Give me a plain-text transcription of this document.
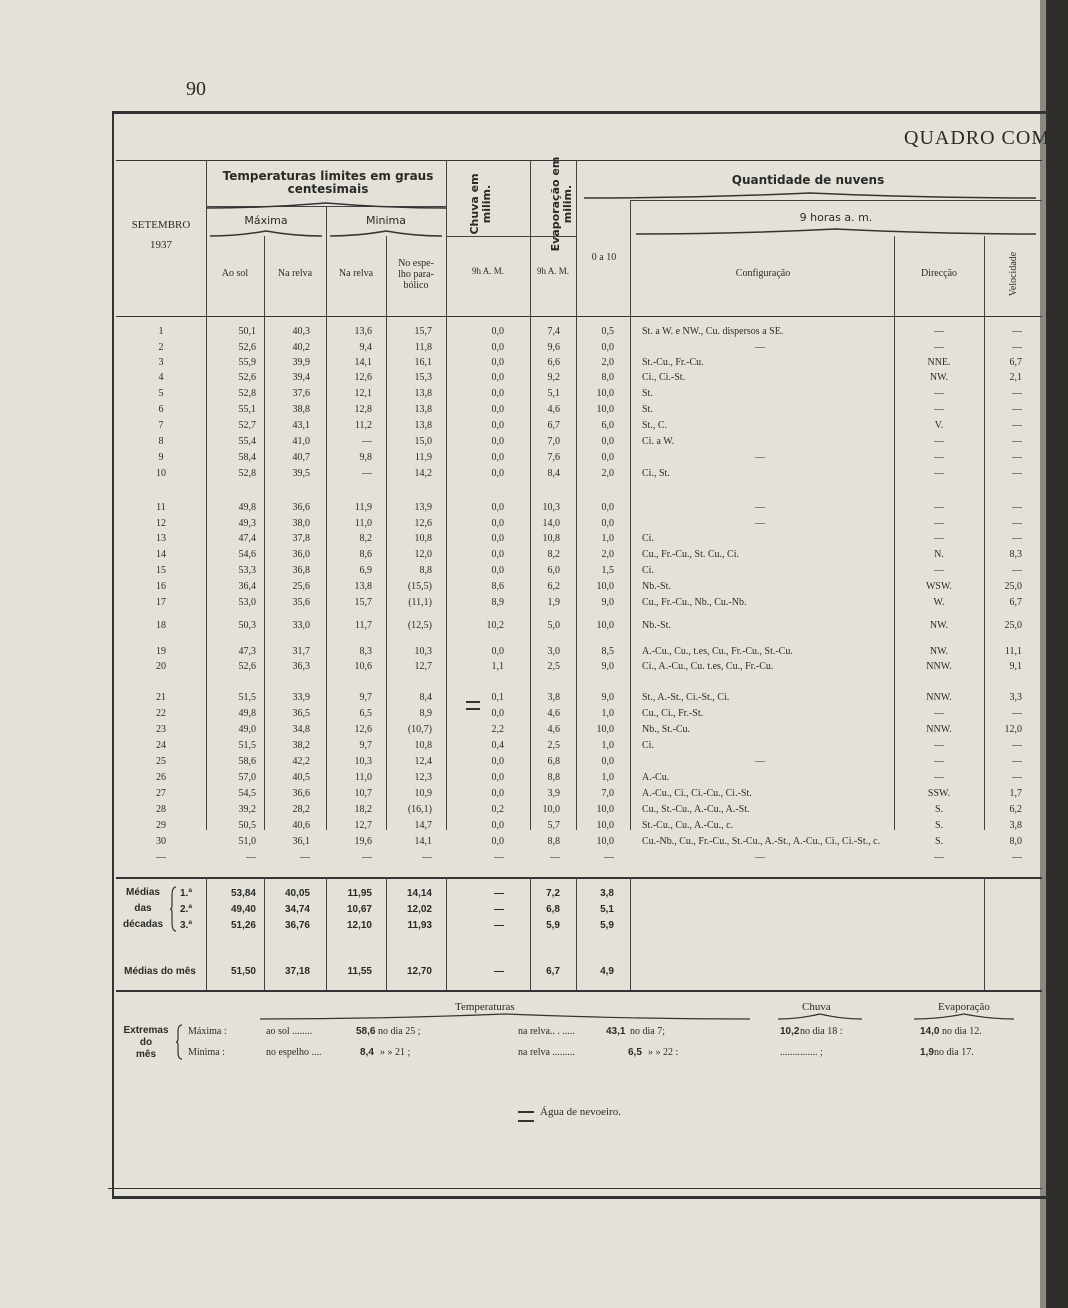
90
QUADRO COM
SETEMBRO
1937
Temperaturas limites em graus centesimais
Máxima	Minima
Ao sol	Na relva	Na relva
No espe-lho para-bólico
Chuva em milim.
9h A. M.
Evaporação em milim.
9h A. M.
Quantidade de nuvens
9 horas a. m.
0 a 10
Configuração	Direcção	Velocidade
1	50,1	40,3	13,6	15,7	0,0	7,4	0,5	St. a W. e NW., Cu. dispersos a SE.	—	—
2	52,6	40,2	9,4	11,8	0,0	9,6	0,0	—	—	—
3	55,9	39,9	14,1	16,1	0,0	6,6	2,0	St.-Cu., Fr.-Cu.	NNE.	6,7
4	52,6	39,4	12,6	15,3	0,0	9,2	8,0	Ci., Ci.-St.	NW.	2,1
5	52,8	37,6	12,1	13,8	0,0	5,1	10,0	St.	—	—
6	55,1	38,8	12,8	13,8	0,0	4,6	10,0	St.	—	—
7	52,7	43,1	11,2	13,8	0,0	6,7	6,0	St., C.	V.	—
8	55,4	41,0	—	15,0	0,0	7,0	0,0	Ci. a W.	—	—
9	58,4	40,7	9,8	11,9	0,0	7,6	0,0	—	—	—
10	52,8	39,5	—	14,2	0,0	8,4	2,0	Ci., St.	—	—
11	49,8	36,6	11,9	13,9	0,0	10,3	0,0	—	—	—
12	49,3	38,0	11,0	12,6	0,0	14,0	0,0	—	—	—
13	47,4	37,8	8,2	10,8	0,0	10,8	1,0	Ci.	—	—
14	54,6	36,0	8,6	12,0	0,0	8,2	2,0	Cu., Fr.-Cu., St. Cu., Ci.	N.	8,3
15	53,3	36,8	6,9	8,8	0,0	6,0	1,5	Ci.	—	—
16	36,4	25,6	13,8	(15,5)	8,6	6,2	10,0	Nb.-St.	WSW.	25,0
17	53,0	35,6	15,7	(11,1)	8,9	1,9	9,0	Cu., Fr.-Cu., Nb., Cu.-Nb.	W.	6,7
18	50,3	33,0	11,7	(12,5)	10,2	5,0	10,0	Nb.-St.	NW.	25,0
19	47,3	31,7	8,3	10,3	0,0	3,0	8,5	A.-Cu., Cu., t.es, Cu., Fr.-Cu., St.-Cu.	NW.	11,1
20	52,6	36,3	10,6	12,7	1,1	2,5	9,0	Ci., A.-Cu., Cu. t.es, Cu., Fr.-Cu.	NNW.	9,1
21	51,5	33,9	9,7	8,4	0,1	3,8	9,0	St., A.-St., Ci.-St., Ci.	NNW.	3,3
22	49,8	36,5	6,5	8,9	0,0	4,6	1,0	Cu., Ci., Fr.-St.	—	—
23	49,0	34,8	12,6	(10,7)	2,2	4,6	10,0	Nb., St.-Cu.	NNW.	12,0
24	51,5	38,2	9,7	10,8	0,4	2,5	1,0	Ci.	—	—
25	58,6	42,2	10,3	12,4	0,0	6,8	0,0	—	—	—
26	57,0	40,5	11,0	12,3	0,0	8,8	1,0	A.-Cu.	—	—
27	54,5	36,6	10,7	10,9	0,0	3,9	7,0	A.-Cu., Ci., Ci.-Cu., Ci.-St.	SSW.	1,7
28	39,2	28,2	18,2	(16,1)	0,2	10,0	10,0	Cu., St.-Cu., A.-Cu., A.-St.	S.	6,2
29	50,5	40,6	12,7	14,7	0,0	5,7	10,0	St.-Cu., Cu., A.-Cu., c.	S.	3,8
30	51,0	36,1	19,6	14,1	0,0	8,8	10,0	Cu.-Nb., Cu., Fr.-Cu., St.-Cu., A.-St., A.-Cu., Ci., Ci.-St., c.	S.	8,0
—	—	—	—	—	—	—	—	—	—	—
Médias
das
décadas
1.ª	53,84	40,05	11,95	14,14	—	7,2	3,8
2.ª	49,40	34,74	10,67	12,02	—	6,8	5,1
3.ª	51,26	36,76	12,10	11,93	—	5,9	5,9
Médias do mês	51,50	37,18	11,55	12,70	—	6,7	4,9
Temperaturas	Chuva	Evaporação
Extremas
do
mês
Máxima :
Mínima :
ao sol ........	58,6 no dia 25 ;	na relva.. . .....	43,1 no dia 7;	10,2 no dia 18 :	14,0 no dia 12.
no espelho ....	8,4 » » 21 ;	na relva .........	6,5 » » 22 :	............... ;	1,9 no dia 17.
Água de nevoeiro.
